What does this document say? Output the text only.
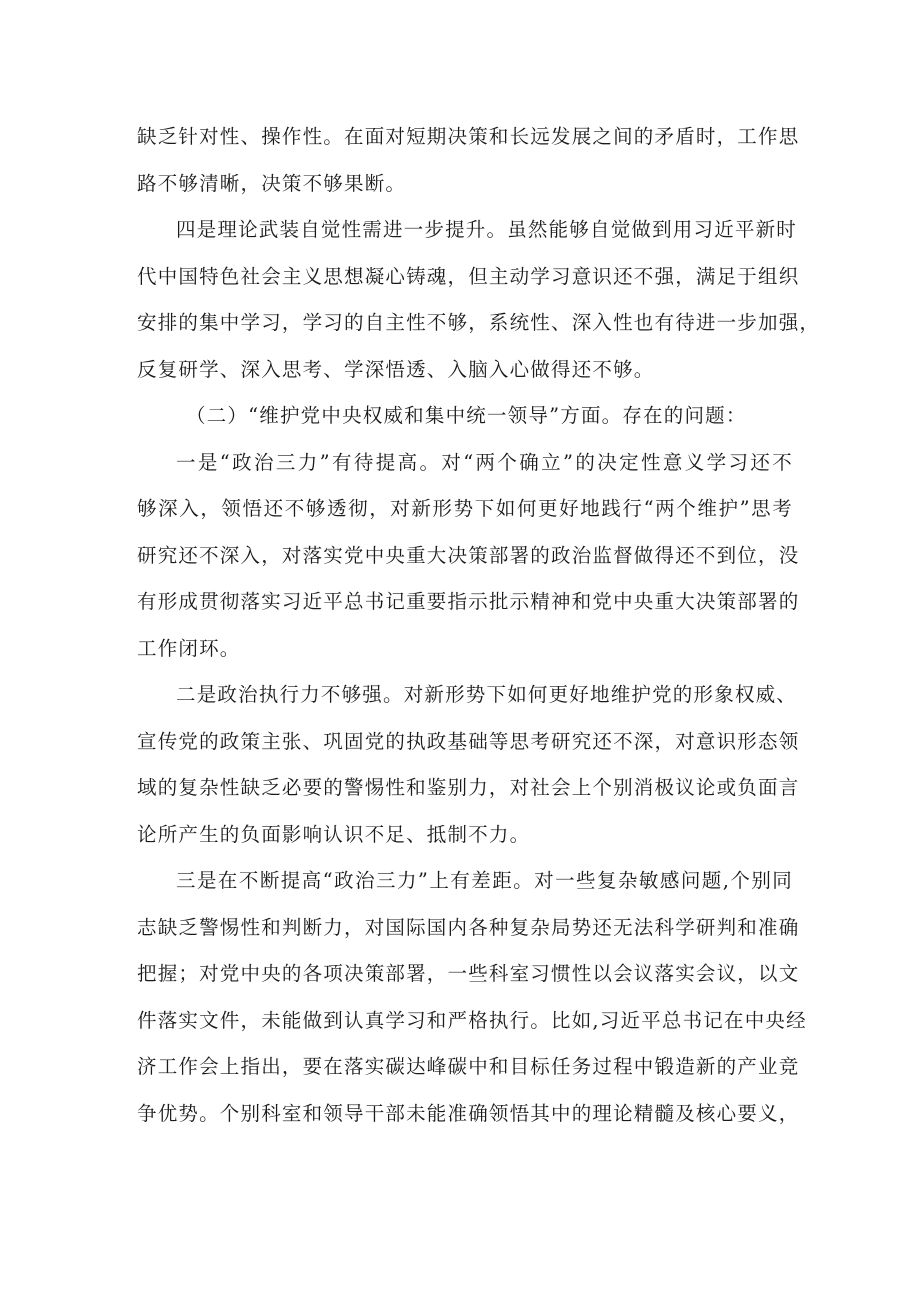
缺乏针对性、操作性。在面对短期决策和长远发展之间的矛盾时，工作思
路不够清晰，决策不够果断。
四是理论武装自觉性需进一步提升。虽然能够自觉做到用习近平新时
代中国特色社会主义思想凝心铸魂，但主动学习意识还不强，满足于组织
安排的集中学习，学习的自主性不够，系统性、深入性也有待进一步加强，
反复研学、深入思考、学深悟透、入脑入心做得还不够。
（二）“维护党中央权威和集中统一领导”方面。存在的问题：
一是“政治三力”有待提高。对“两个确立”的决定性意义学习还不
够深入，领悟还不够透彻，对新形势下如何更好地践行“两个维护”思考
研究还不深入，对落实党中央重大决策部署的政治监督做得还不到位，没
有形成贯彻落实习近平总书记重要指示批示精神和党中央重大决策部署的
工作闭环。
二是政治执行力不够强。对新形势下如何更好地维护党的形象权威、
宣传党的政策主张、巩固党的执政基础等思考研究还不深，对意识形态领
域的复杂性缺乏必要的警惕性和鉴别力，对社会上个别消极议论或负面言
论所产生的负面影响认识不足、抵制不力。
三是在不断提高“政治三力”上有差距。对一些复杂敏感问题,个别同
志缺乏警惕性和判断力，对国际国内各种复杂局势还无法科学研判和准确
把握；对党中央的各项决策部署，一些科室习惯性以会议落实会议，以文
件落实文件，未能做到认真学习和严格执行。比如,习近平总书记在中央经
济工作会上指出，要在落实碳达峰碳中和目标任务过程中锻造新的产业竞
争优势。个别科室和领导干部未能准确领悟其中的理论精髓及核心要义，
